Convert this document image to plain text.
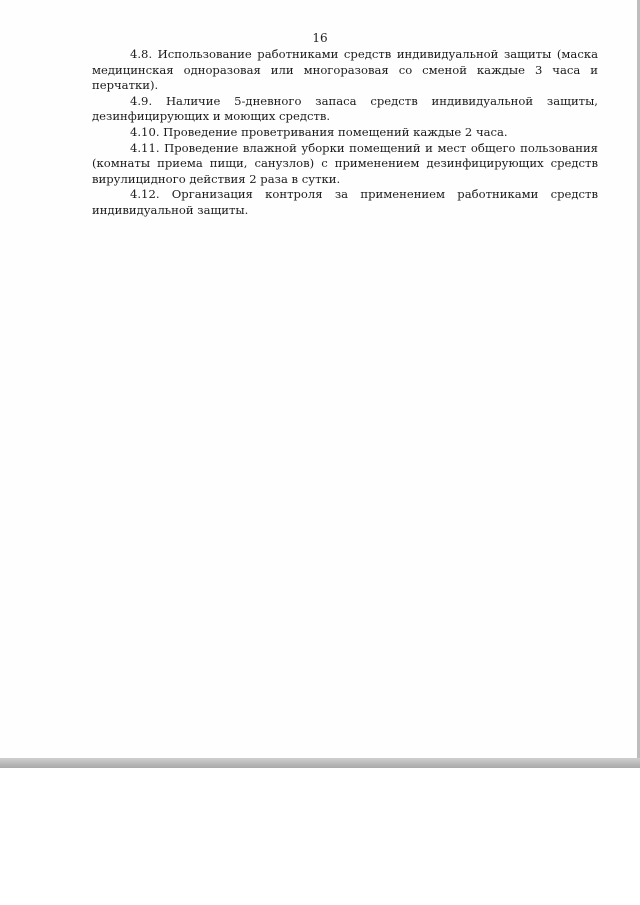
16

4.8. Использование работниками средств индивидуальной защиты (маска медицинская одноразовая или многоразовая со сменой каждые 3 часа и перчатки).

4.9. Наличие 5-дневного запаса средств индивидуальной защиты, дезинфицирующих и моющих средств.

4.10. Проведение проветривания помещений каждые 2 часа.

4.11. Проведение влажной уборки помещений и мест общего пользования (комнаты приема пищи, санузлов) с применением дезинфицирующих средств вирулицидного действия 2 раза в сутки.

4.12. Организация контроля за применением работниками средств индивидуальной защиты.
